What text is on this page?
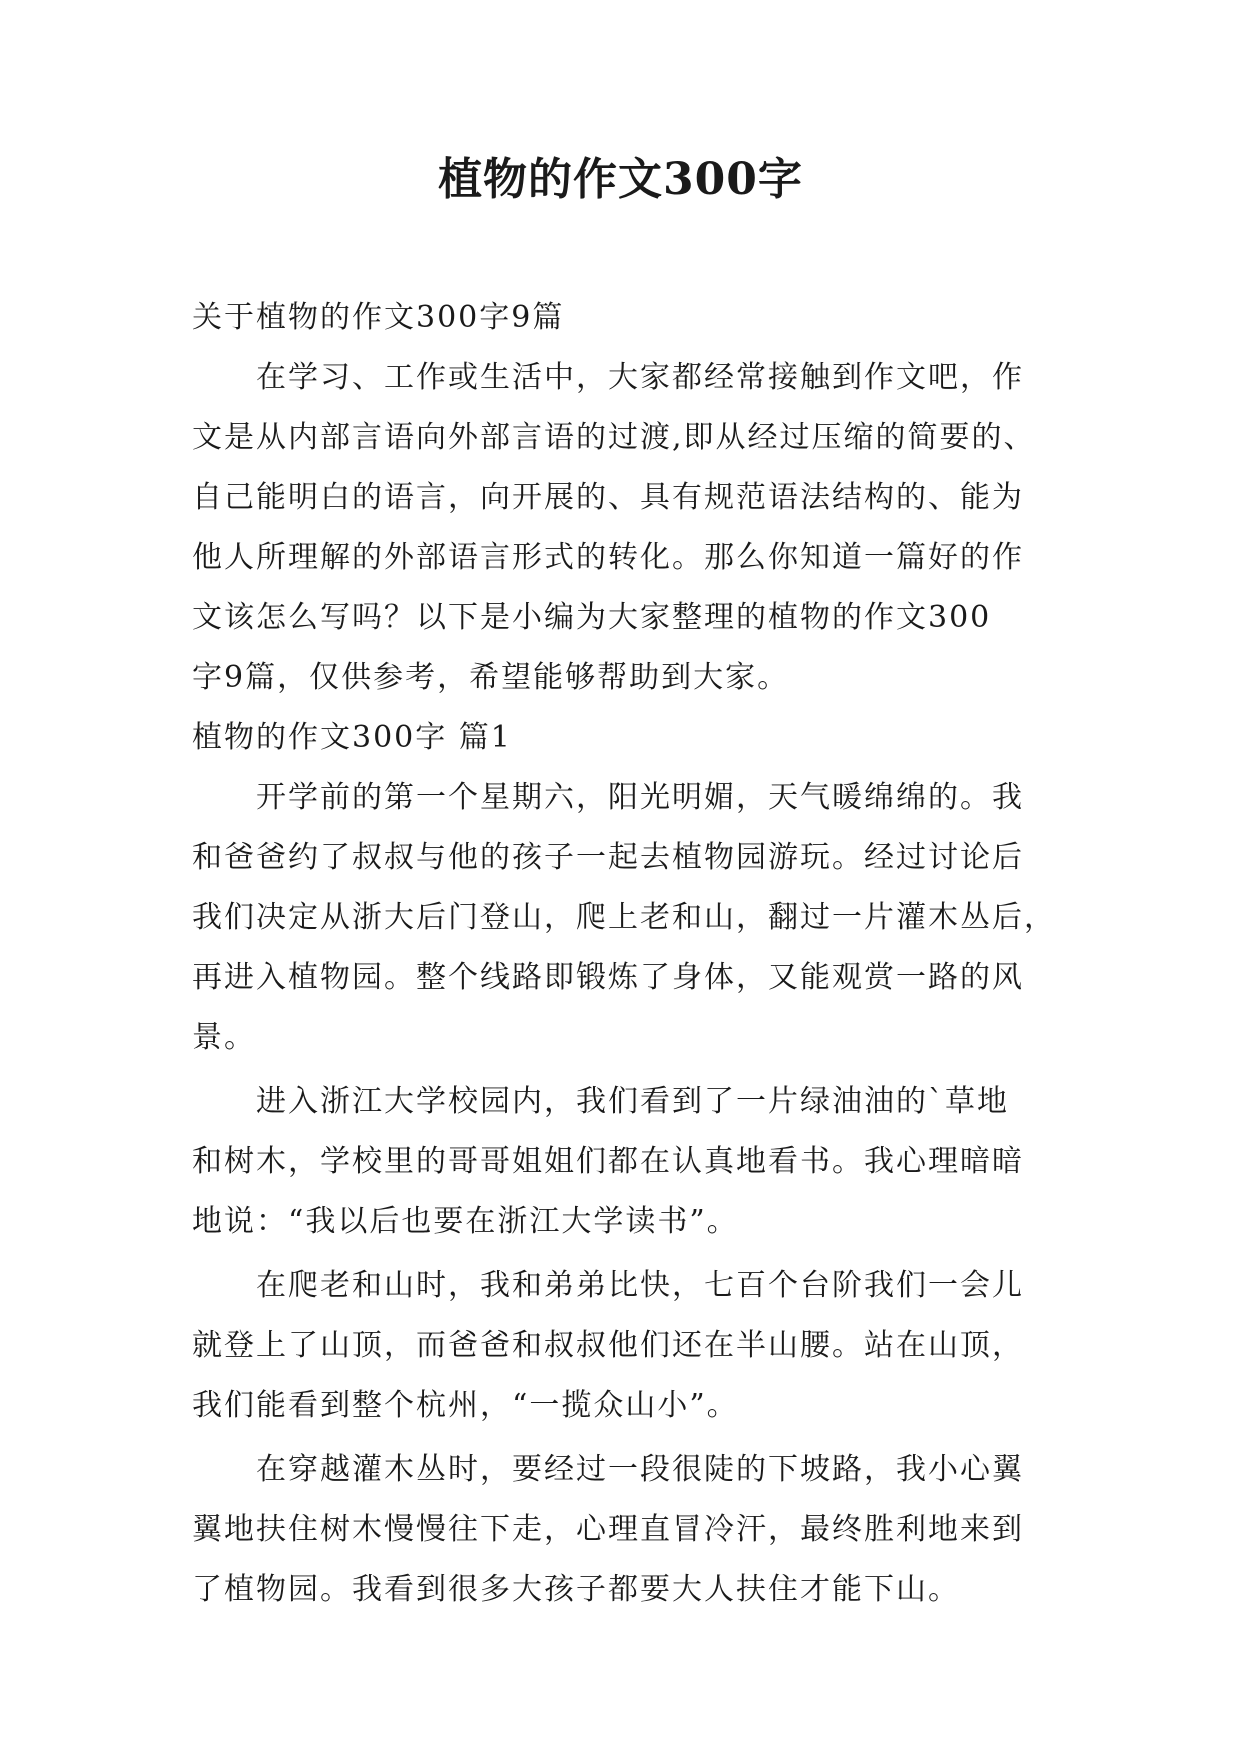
植物的作文300字

关于植物的作文300字9篇

在学习、工作或生活中，大家都经常接触到作文吧，作

文是从内部言语向外部言语的过渡,即从经过压缩的简要的、

自己能明白的语言，向开展的、具有规范语法结构的、能为

他人所理解的外部语言形式的转化。那么你知道一篇好的作

文该怎么写吗？以下是小编为大家整理的植物的作文300

字9篇，仅供参考，希望能够帮助到大家。

植物的作文300字 篇1

开学前的第一个星期六，阳光明媚，天气暖绵绵的。我

和爸爸约了叔叔与他的孩子一起去植物园游玩。经过讨论后

我们决定从浙大后门登山，爬上老和山，翻过一片灌木丛后，

再进入植物园。整个线路即锻炼了身体，又能观赏一路的风

景。

进入浙江大学校园内，我们看到了一片绿油油的`草地

和树木，学校里的哥哥姐姐们都在认真地看书。我心理暗暗

地说：“我以后也要在浙江大学读书”。

在爬老和山时，我和弟弟比快，七百个台阶我们一会儿

就登上了山顶，而爸爸和叔叔他们还在半山腰。站在山顶，

我们能看到整个杭州，“一揽众山小”。

在穿越灌木丛时，要经过一段很陡的下坡路，我小心翼

翼地扶住树木慢慢往下走，心理直冒冷汗，最终胜利地来到

了植物园。我看到很多大孩子都要大人扶住才能下山。
